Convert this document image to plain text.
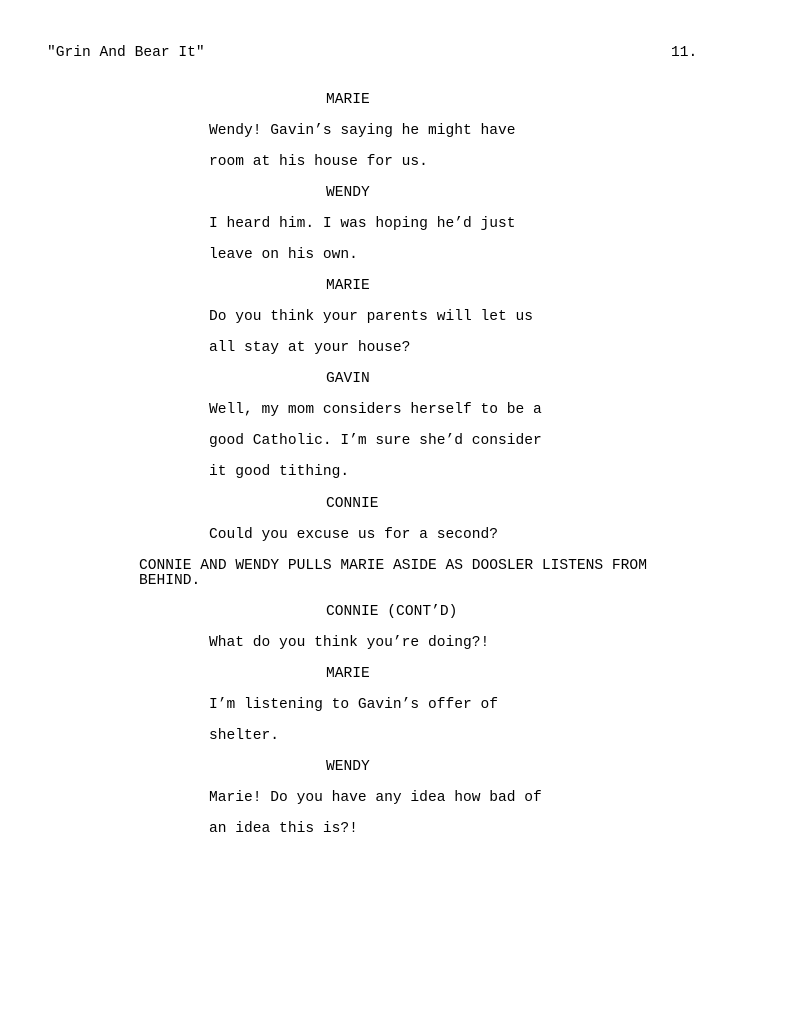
"Grin And Bear It"	11.
MARIE
Wendy! Gavin’s saying he might have
room at his house for us.
WENDY
I heard him. I was hoping he’d just
leave on his own.
MARIE
Do you think your parents will let us
all stay at your house?
GAVIN
Well, my mom considers herself to be a
good Catholic. I’m sure she’d consider
it good tithing.
CONNIE
Could you excuse us for a second?
CONNIE AND WENDY PULLS MARIE ASIDE AS DOOSLER LISTENS FROM
BEHIND.
CONNIE (CONT’D)
What do you think you’re doing?!
MARIE
I’m listening to Gavin’s offer of
shelter.
WENDY
Marie! Do you have any idea how bad of
an idea this is?!
